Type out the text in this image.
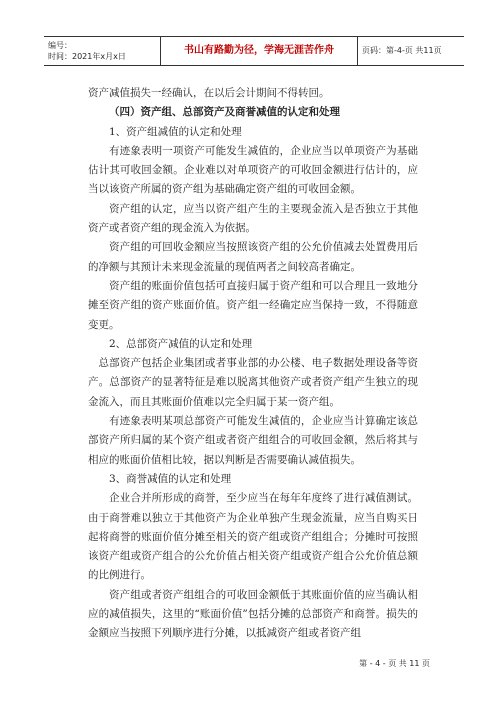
编号：
时间：2021年x月x日
书山有路勤为径，学海无涯苦作舟	页码：第-4-页 共11页

资产减值损失一经确认，在以后会计期间不得转回。

（四）资产组、总部资产及商誉减值的认定和处理

1、资产组减值的认定和处理

有迹象表明一项资产可能发生减值的，企业应当以单项资产为基础估计其可收回金额。企业难以对单项资产的可收回金额进行估计的，应当以该资产所属的资产组为基础确定资产组的可收回金额。

资产组的认定，应当以资产组产生的主要现金流入是否独立于其他资产或者资产组的现金流入为依据。

资产组的可回收金额应当按照该资产组的公允价值减去处置费用后的净额与其预计未来现金流量的现值两者之间较高者确定。

资产组的账面价值包括可直接归属于资产组和可以合理且一致地分摊至资产组的资产账面价值。资产组一经确定应当保持一致，不得随意变更。

2、总部资产减值的认定和处理

总部资产包括企业集团或者事业部的办公楼、电子数据处理设备等资产。总部资产的显著特征是难以脱离其他资产或者资产组产生独立的现金流入，而且其账面价值难以完全归属于某一资产组。

有迹象表明某项总部资产可能发生减值的，企业应当计算确定该总部资产所归属的某个资产组或者资产组组合的可收回金额，然后将其与相应的账面价值相比较，据以判断是否需要确认减值损失。

3、商誉减值的认定和处理

企业合并所形成的商誉，至少应当在每年年度终了进行减值测试。由于商誉难以独立于其他资产为企业单独产生现金流量，应当自购买日起将商誉的账面价值分摊至相关的资产组或资产组组合；分摊时可按照该资产组或资产组合的公允价值占相关资产组或资产组合公允价值总额的比例进行。

资产组或者资产组组合的可收回金额低于其账面价值的应当确认相应的减值损失，这里的“账面价值”包括分摊的总部资产和商誉。损失的金额应当按照下列顺序进行分摊，以抵减资产组或者资产组

第 - 4 - 页 共 11 页
